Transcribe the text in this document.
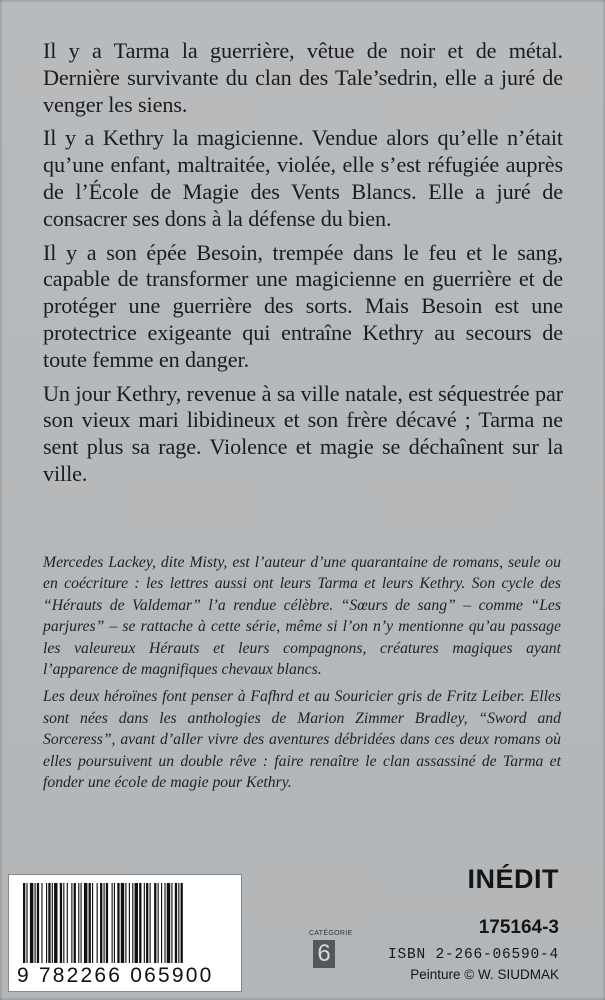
Il y a Tarma la guerrière, vêtue de noir et de métal. Dernière survivante du clan des Tale’sedrin, elle a juré de venger les siens.

Il y a Kethry la magicienne. Vendue alors qu’elle n’était qu’une enfant, maltraitée, violée, elle s’est réfugiée auprès de l’École de Magie des Vents Blancs. Elle a juré de consacrer ses dons à la défense du bien.

Il y a son épée Besoin, trempée dans le feu et le sang, capable de transformer une magicienne en guerrière et de protéger une guerrière des sorts. Mais Besoin est une protectrice exigeante qui entraîne Kethry au secours de toute femme en danger.

Un jour Kethry, revenue à sa ville natale, est séquestrée par son vieux mari libidineux et son frère décavé ; Tarma ne sent plus sa rage. Violence et magie se déchaînent sur la ville.

Mercedes Lackey, dite Misty, est l’auteur d’une quarantaine de romans, seule ou en coécriture : les lettres aussi ont leurs Tarma et leurs Kethry. Son cycle des “Hérauts de Valdemar” l’a rendue célèbre. “Sœurs de sang” – comme “Les parjures” – se rattache à cette série, même si l’on n’y mentionne qu’au passage les valeureux Hérauts et leurs compagnons, créatures magiques ayant l’apparence de magnifiques chevaux blancs.

Les deux héroïnes font penser à Fafhrd et au Souricier gris de Fritz Leiber. Elles sont nées dans les anthologies de Marion Zimmer Bradley, “Sword and Sorceress”, avant d’aller vivre des aventures débridées dans ces deux romans où elles poursuivent un double rêve : faire renaître le clan assassiné de Tarma et fonder une école de magie pour Kethry.

9 782266 065900
CATÉGORIE
6
INÉDIT
175164-3
ISBN 2-266-06590-4
Peinture © W. SIUDMAK
